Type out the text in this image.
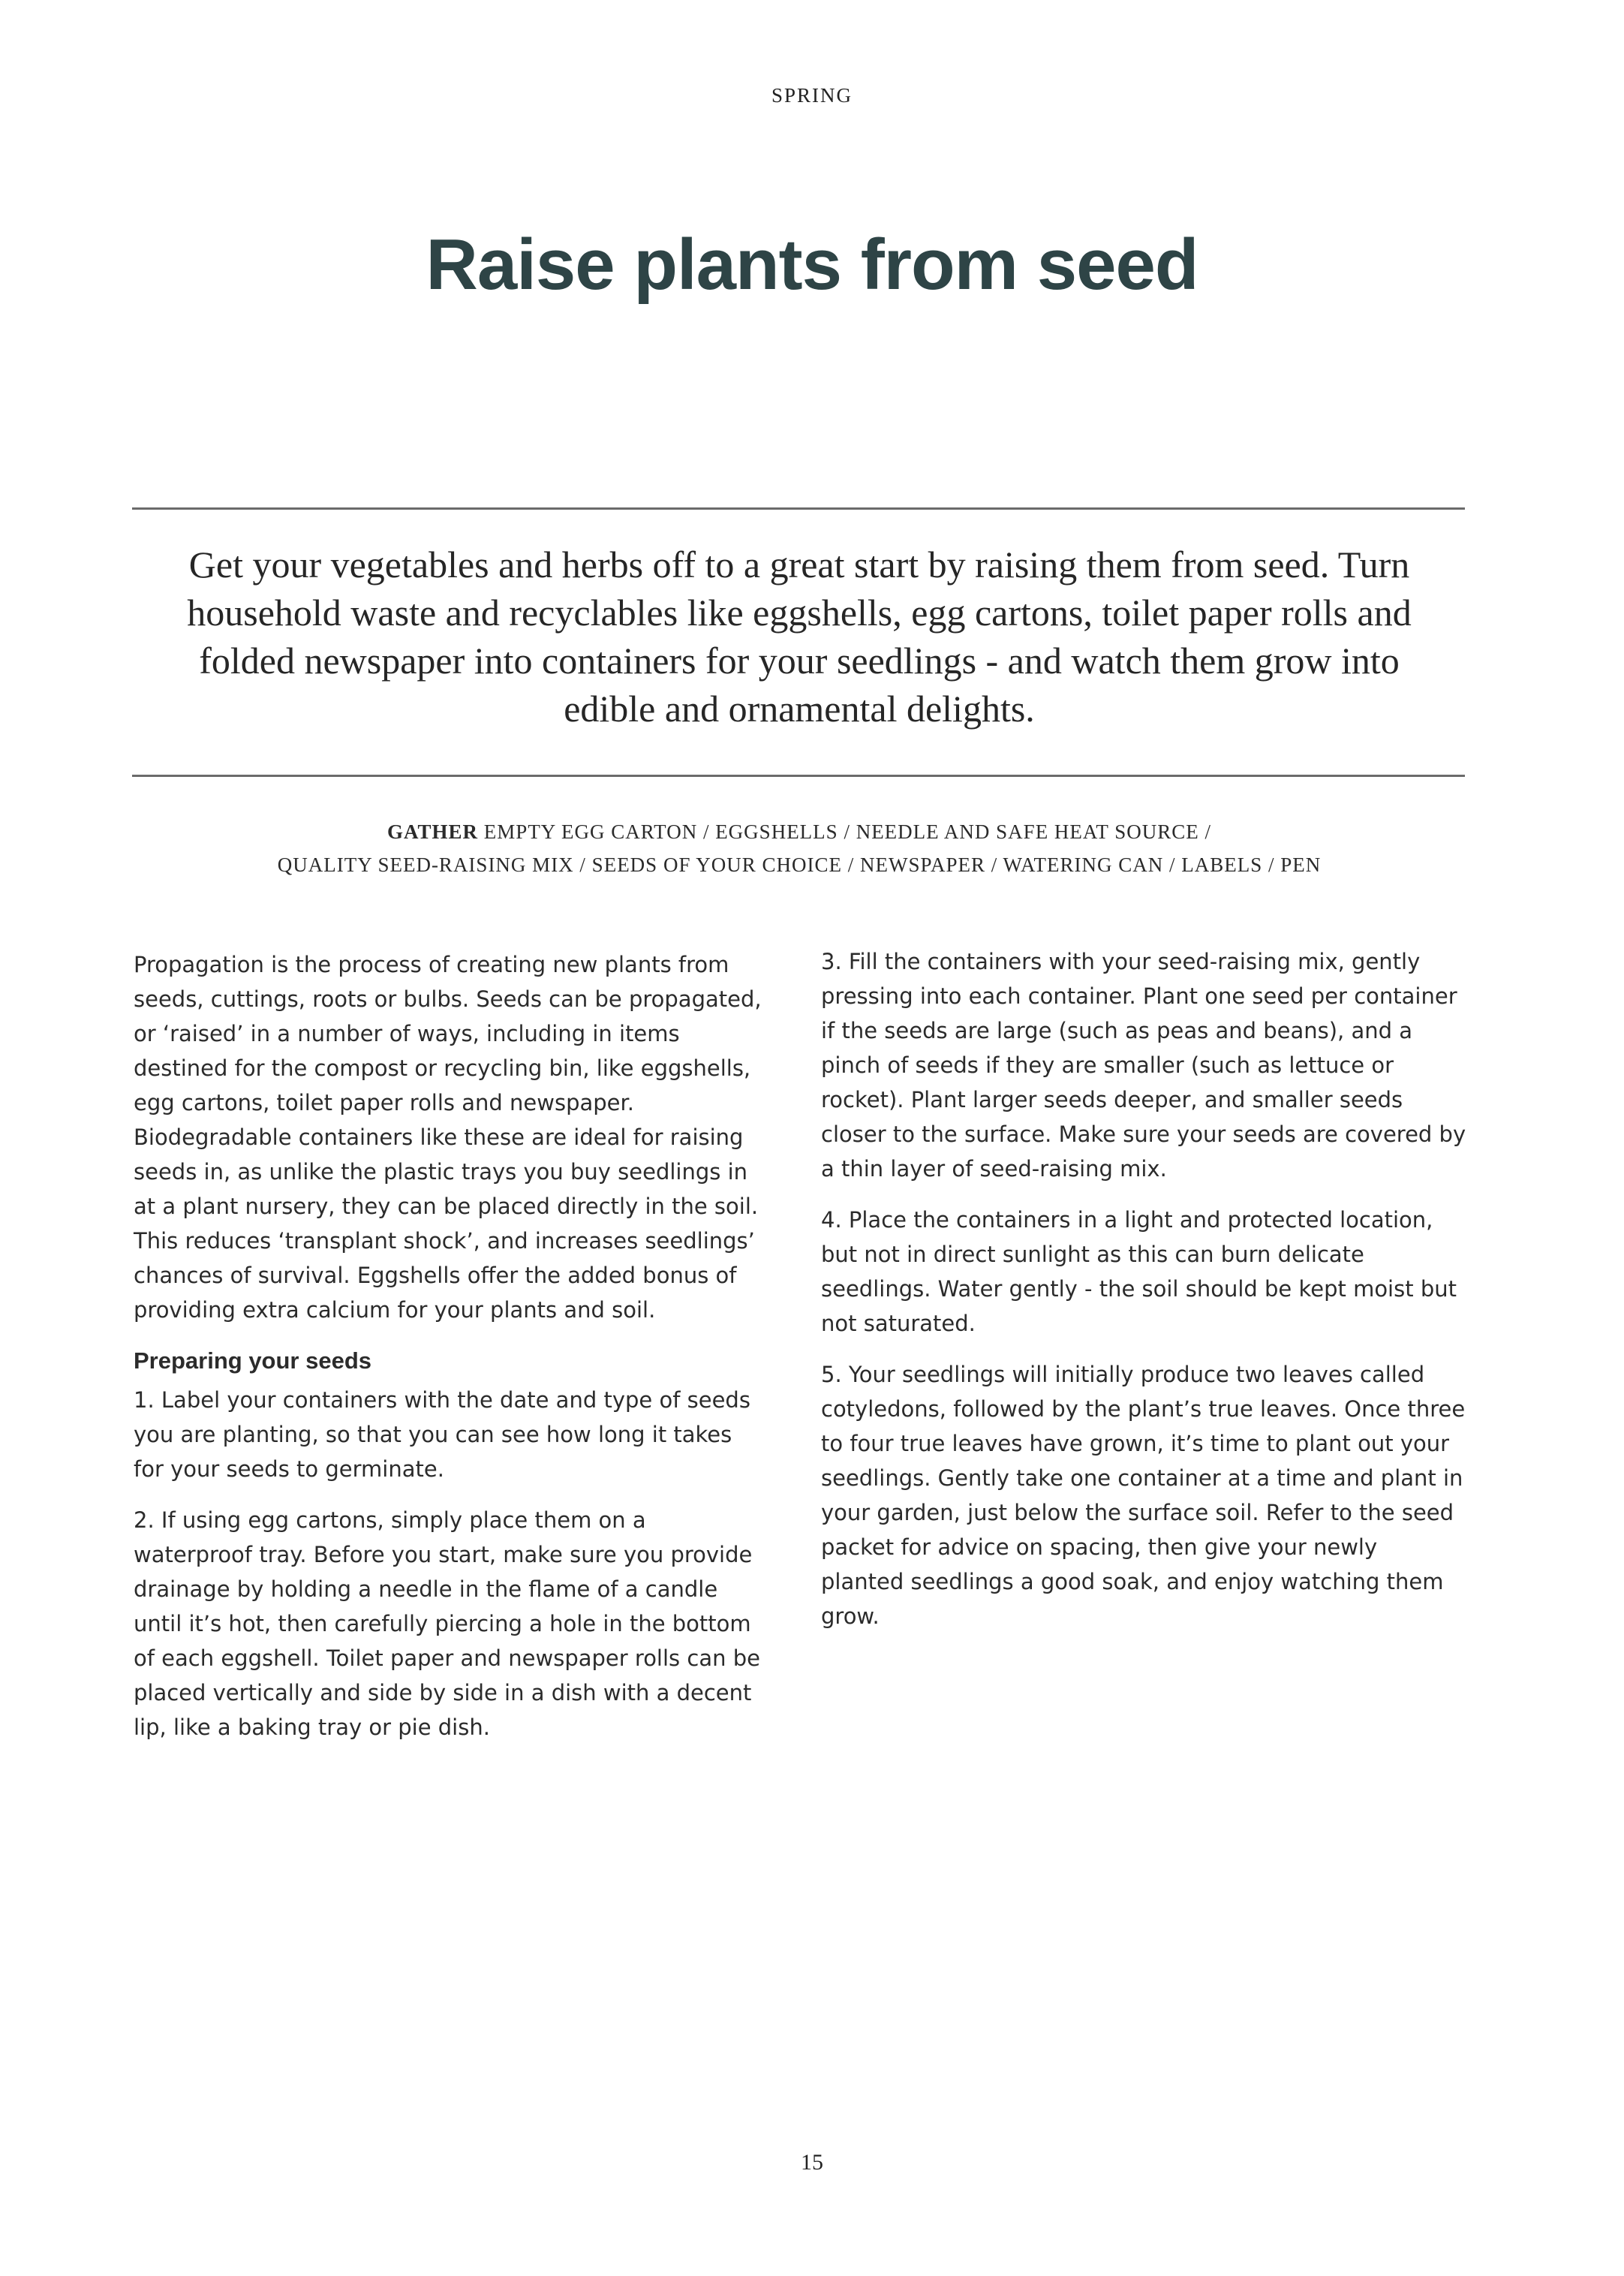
SPRING
Raise plants from seed

Get your vegetables and herbs off to a great start by raising them from seed. Turn household waste and recyclables like eggshells, egg cartons, toilet paper rolls and folded newspaper into containers for your seedlings - and watch them grow into edible and ornamental delights.

GATHER EMPTY EGG CARTON / EGGSHELLS / NEEDLE AND SAFE HEAT SOURCE /
QUALITY SEED-RAISING MIX / SEEDS OF YOUR CHOICE / NEWSPAPER / WATERING CAN / LABELS / PEN

Propagation is the process of creating new plants from seeds, cuttings, roots or bulbs. Seeds can be propagated, or ‘raised’ in a number of ways, including in items destined for the compost or recycling bin, like eggshells, egg cartons, toilet paper rolls and newspaper. Biodegradable containers like these are ideal for raising seeds in, as unlike the plastic trays you buy seedlings in at a plant nursery, they can be placed directly in the soil. This reduces ‘transplant shock’, and increases seedlings’ chances of survival. Eggshells offer the added bonus of providing extra calcium for your plants and soil.

Preparing your seeds

1. Label your containers with the date and type of seeds you are planting, so that you can see how long it takes for your seeds to germinate.

2. If using egg cartons, simply place them on a waterproof tray. Before you start, make sure you provide drainage by holding a needle in the flame of a candle until it’s hot, then carefully piercing a hole in the bottom of each eggshell. Toilet paper and newspaper rolls can be placed vertically and side by side in a dish with a decent lip, like a baking tray or pie dish.

3. Fill the containers with your seed-raising mix, gently pressing into each container. Plant one seed per container if the seeds are large (such as peas and beans), and a pinch of seeds if they are smaller (such as lettuce or rocket). Plant larger seeds deeper, and smaller seeds closer to the surface. Make sure your seeds are covered by a thin layer of seed-raising mix.

4. Place the containers in a light and protected location, but not in direct sunlight as this can burn delicate seedlings. Water gently - the soil should be kept moist but not saturated.

5. Your seedlings will initially produce two leaves called cotyledons, followed by the plant’s true leaves. Once three to four true leaves have grown, it’s time to plant out your seedlings. Gently take one container at a time and plant in your garden, just below the surface soil. Refer to the seed packet for advice on spacing, then give your newly planted seedlings a good soak, and enjoy watching them grow.

15
